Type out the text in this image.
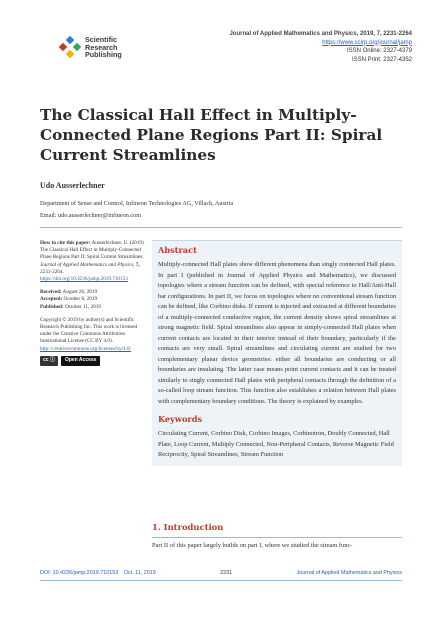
Scientific
Research
Publishing
Journal of Applied Mathematics and Physics, 2019, 7, 2231-2264
https://www.scirp.org/journal/jamp
ISSN Online: 2327-4379
ISSN Print: 2327-4352
The Classical Hall Effect in Multiply-Connected Plane Regions Part II: Spiral Current Streamlines
Udo Ausserlechner
Department of Sense and Control, Infineon Technologies AG, Villach, Austria
Email: udo.ausserlechner@infineon.com
How to cite this paper: Ausserlechner, U. (2019) The Classical Hall Effect in Multiply-Connected Plane Regions Part II: Spiral Current Streamlines. Journal of Applied Mathematics and Physics, 7, 2231-2264.
https://doi.org/10.4236/jamp.2019.710153
Received: August 26, 2019
Accepted: October 8, 2019
Published: October 11, 2019
Copyright © 2019 by author(s) and Scientific Research Publishing Inc. This work is licensed under the Creative Commons Attribution International License (CC BY 4.0). http://creativecommons.org/licenses/by/4.0/
cc ⓘ	Open Access
Abstract
Multiply-connected Hall plates show different phenomena than singly connected Hall plates. In part I (published in Journal of Applied Physics and Mathematics), we discussed topologies where a stream function can be defined, with special reference to Hall/Anti-Hall bar configurations. In part II, we focus on topologies where no conventional stream function can be defined, like Corbino disks. If current is injected and extracted at different boundaries of a multiply-connected conductive region, the current density shows spiral streamlines at strong magnetic field. Spiral streamlines also appear in simply-connected Hall plates when current contacts are located in their interior instead of their boundary, particularly if the contacts are very small. Spiral streamlines and circulating current are studied for two complementary planar device geometries: either all boundaries are conducting or all boundaries are insulating. The latter case means point current contacts and it can be treated similarly to singly connected Hall plates with peripheral contacts through the definition of a so-called loop stream function. This function also establishes a relation between Hall plates with complementary boundary conditions. The theory is explained by examples.
Keywords
Circulating Current, Corbino Disk, Corbino Images, Corbinotron, Doubly Connected, Hall Plate, Loop Current, Multiply Connected, Non-Peripheral Contacts, Reverse Magnetic Field Reciprocity, Spiral Streamlines, Stream Function
1. Introduction
Part II of this paper largely builds on part I, where we studied the stream func-
DOI: 10.4236/jamp.2019.710153 Oct. 11, 2019	2231	Journal of Applied Mathematics and Physics
